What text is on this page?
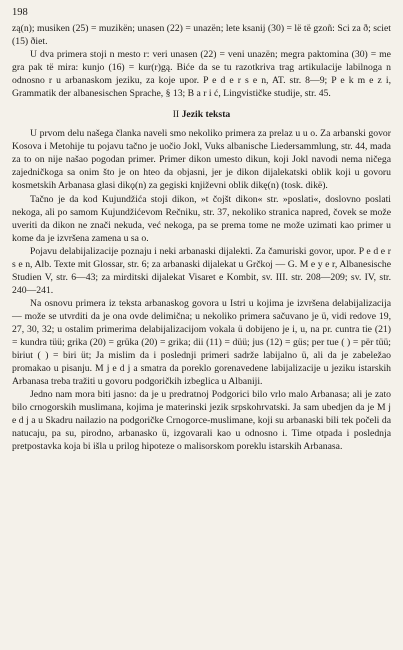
198

zą(n); musiken (25) = muzikën; unasen (22) = unazën; lete ksanij (30) = lë të gzoñ: Sci za ð; sciet (15) ðiet.

U dva primera stoji n mesto r: veri unasen (22) = veni unazën; megra paktomina (30) = me gra pak të mira: kunjo (16) = kur(r)gą. Biće da se tu razotkriva trag artikulacije labilnoga n odnosno r u arbanaskom jeziku, za koje upor. P e d e r s e n, AT. str. 8—9; P e k m e z i, Grammatik der albanesischen Sprache, § 13; B a r i ć, Lingvističke studije, str. 45.

II Jezik teksta

U prvom delu našega članka naveli smo nekoliko primera za prelaz u u o. Za arbanski govor Kosova i Metohije tu pojavu tačno je uočio Jokl, Vuks albanische Liedersammlung, str. 44, mada za to on nije našao pogodan primer. Primer dikon umesto dikun, koji Jokl navodi nema ničega zajedničkoga sa onim što je on hteo da objasni, jer je dikon dijalekatski oblik koji u govoru kosmetskih Arbanasa glasi dikǫ(n) za gegiski književni oblik dikę(n) (tosk. dikë).

Tačno je da kod Kujundžića stoji dikon, »t čojšt dikon« str. »poslati«, doslovno poslati nekoga, ali po samom Kujundžićevom Rečniku, str. 37, nekoliko stranica napred, čovek se može uveriti da dikon ne znači nekuda, već nekoga, pa se prema tome ne može uzimati kao primer u kome da je izvršena zamena u sa o.

Pojavu delabijalizacije poznaju i neki arbanaski dijalekti. Za čamuriski govor, upor. P e d e r s e n, Alb. Texte mit Glossar, str. 6; za arbanaski dijalekat u Grčkoj — G. M e y e r, Albanesische Studien V, str. 6—43; za mirditski dijalekat Visaret e Kombit, sv. III. str. 208—209; sv. IV, str. 240—241.

Na osnovu primera iz teksta arbanaskog govora u Istri u kojima je izvršena delabijalizacija — može se utvrditi da je ona ovde delimična; u nekoliko primera sačuvano je ü, vidi redove 19, 27, 30, 32; u ostalim primerima delabijalizacijom vokala ü dobijeno je i, u, na pr. cuntra tie (21) = kundra tüü; grika (20) = grüka (20) = grika; dii (11) = düü; jus (12) = güs; per tue ( ) = për tüü; biriut ( ) = biri üt; Ja mislim da i poslednji primeri sadrže labijalno ü, ali da je zabeležao promakao u pisanju. M j e d j a smatra da poreklo gorenavedene labijalizacije u jeziku istarskih Arbanasa treba tražiti u govoru podgoričkih izbeglica u Albaniji.

Jedno nam mora biti jasno: da je u predratnoj Podgorici bilo vrlo malo Arbanasa; ali je zato bilo crnogorskih muslimana, kojima je materinski jezik srpskohrvatski. Ja sam ubedjen da je M j e d j a u Skadru nailazio na podgoričke Crnogorce-muslimane, koji su arbanaski bili tek počeli da natucaju, pa su, pirodno, arbanasko ü, izgovarali kao u odnosno i. Time otpada i poslednja pretpostavka koja bi išla u prilog hipoteze o malisorskom poreklu istarskih Arbanasa.
